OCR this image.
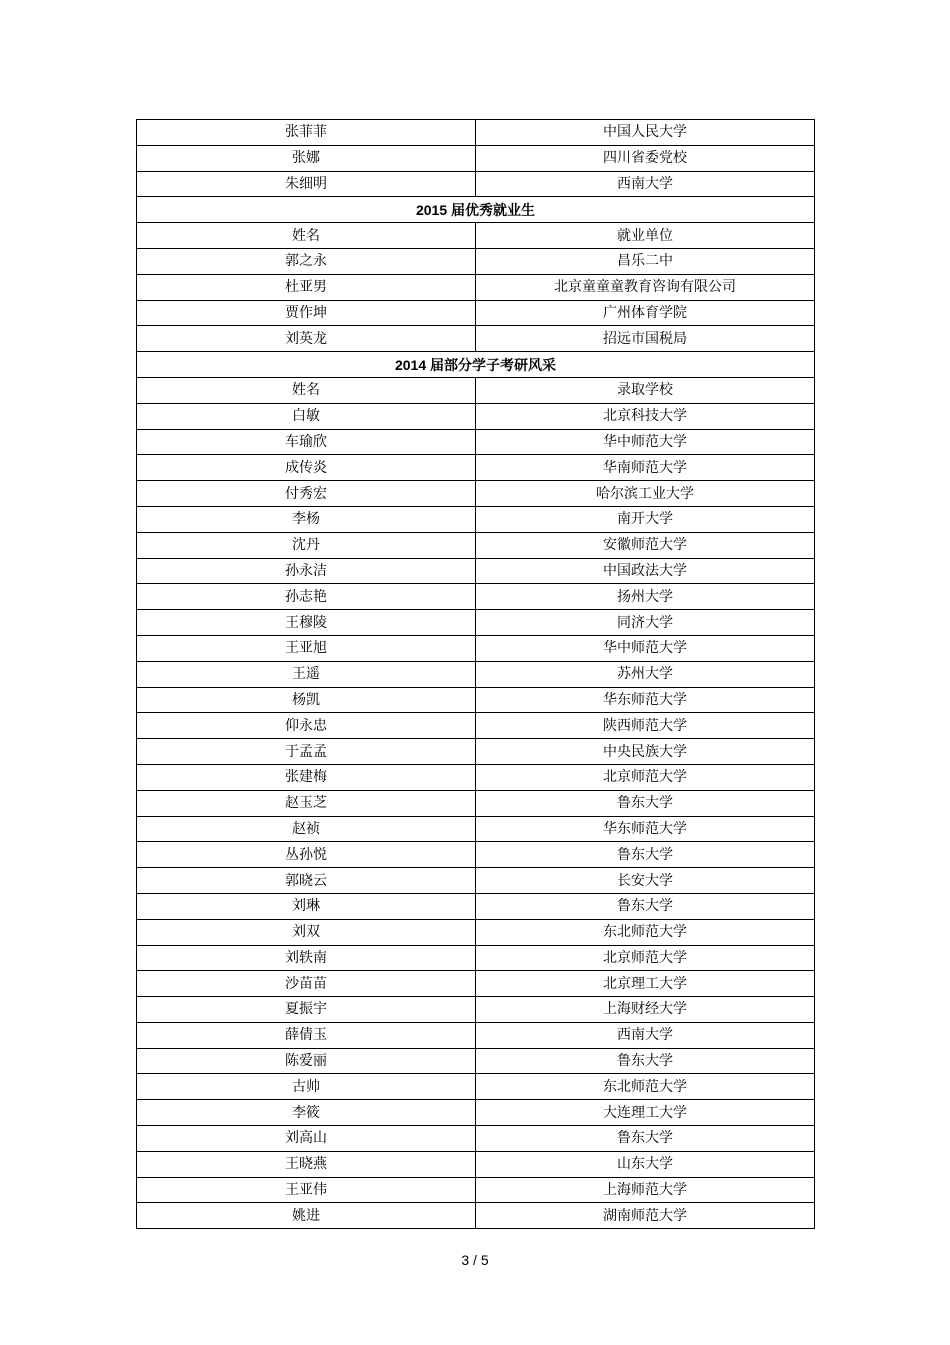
张菲菲	中国人民大学
张娜	四川省委党校
朱细明	西南大学
2015 届优秀就业生	
姓名	就业单位
郭之永	昌乐二中
杜亚男	北京童童童教育咨询有限公司
贾作坤	广州体育学院
刘英龙	招远市国税局
2014 届部分学子考研风采	
姓名	录取学校
白敏	北京科技大学
车瑜欣	华中师范大学
成传炎	华南师范大学
付秀宏	哈尔滨工业大学
李杨	南开大学
沈丹	安徽师范大学
孙永洁	中国政法大学
孙志艳	扬州大学
王穆陵	同济大学
王亚旭	华中师范大学
王遥	苏州大学
杨凯	华东师范大学
仰永忠	陕西师范大学
于孟孟	中央民族大学
张建梅	北京师范大学
赵玉芝	鲁东大学
赵祯	华东师范大学
丛孙悦	鲁东大学
郭晓云	长安大学
刘琳	鲁东大学
刘双	东北师范大学
刘轶南	北京师范大学
沙苗苗	北京理工大学
夏振宇	上海财经大学
薛倩玉	西南大学
陈爱丽	鲁东大学
古帅	东北师范大学
李筱	大连理工大学
刘高山	鲁东大学
王晓燕	山东大学
王亚伟	上海师范大学
姚进	湖南师范大学
3 / 5
